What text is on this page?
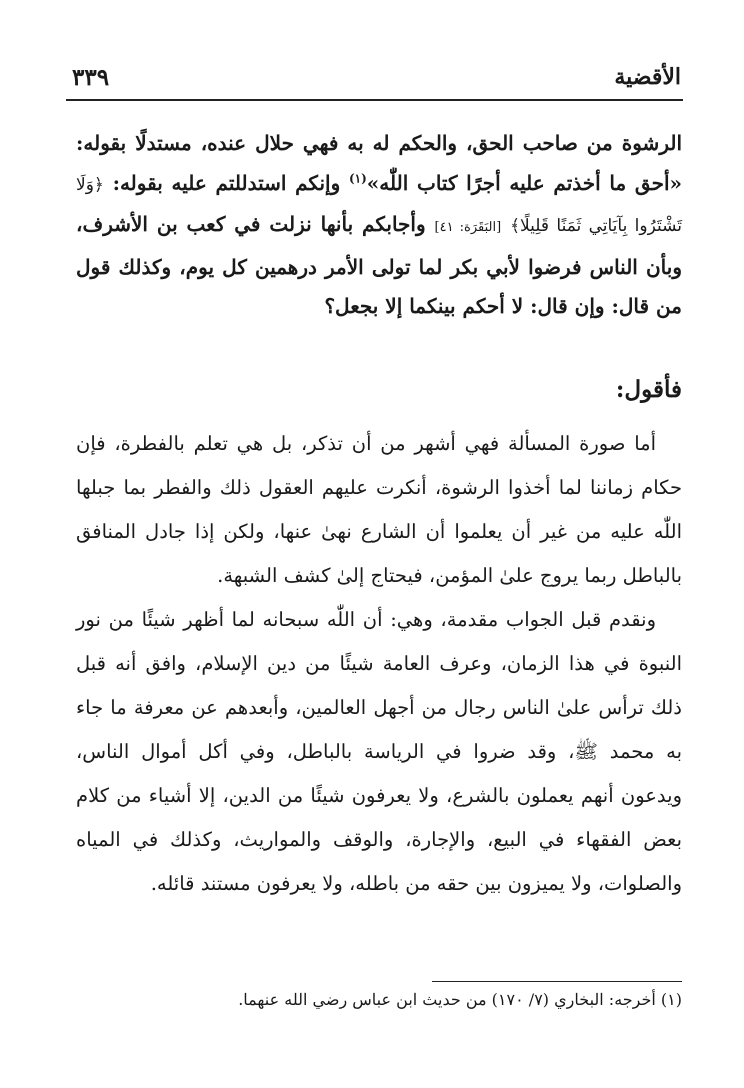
٣٣٩	الأقضية
الرشوة من صاحب الحق، والحكم له به فهي حلال عنده، مستدلًا بقوله: «أحق ما أخذتم عليه أجرًا كتاب اللّٰه»$^{(١)}$ وإنكم استدللتم عليه بقوله: ﴿وَلَا تَشْتَرُوا بِآيَاتِي ثَمَنًا قَلِيلًا﴾ [البَقَرَة: ٤١] وأجابكم بأنها نزلت في كعب بن الأشرف، وبأن الناس فرضوا لأبي بكر لما تولى الأمر درهمين كل يوم، وكذلك قول من قال: وإن قال: لا أحكم بينكما إلا بجعل؟
فأقول:
أما صورة المسألة فهي أشهر من أن تذكر، بل هي تعلم بالفطرة، فإن حكام زماننا لما أخذوا الرشوة، أنكرت عليهم العقول ذلك والفطر بما جبلها اللّٰه عليه من غير أن يعلموا أن الشارع نهىٰ عنها، ولكن إذا جادل المنافق بالباطل ربما يروج علىٰ المؤمن، فيحتاج إلىٰ كشف الشبهة.
ونقدم قبل الجواب مقدمة، وهي: أن اللّٰه سبحانه لما أظهر شيئًا من نور النبوة في هذا الزمان، وعرف العامة شيئًا من دين الإسلام، وافق أنه قبل ذلك ترأس علىٰ الناس رجال من أجهل العالمين، وأبعدهم عن معرفة ما جاء به محمد ﷺ، وقد ضروا في الرياسة بالباطل، وفي أكل أموال الناس، ويدعون أنهم يعملون بالشرع، ولا يعرفون شيئًا من الدين، إلا أشياء من كلام بعض الفقهاء في البيع، والإجارة، والوقف والمواريث، وكذلك في المياه والصلوات، ولا يميزون بين حقه من باطله، ولا يعرفون مستند قائله.
(١) أخرجه: البخاري (٧/ ١٧٠) من حديث ابن عباس رضي الله عنهما.
